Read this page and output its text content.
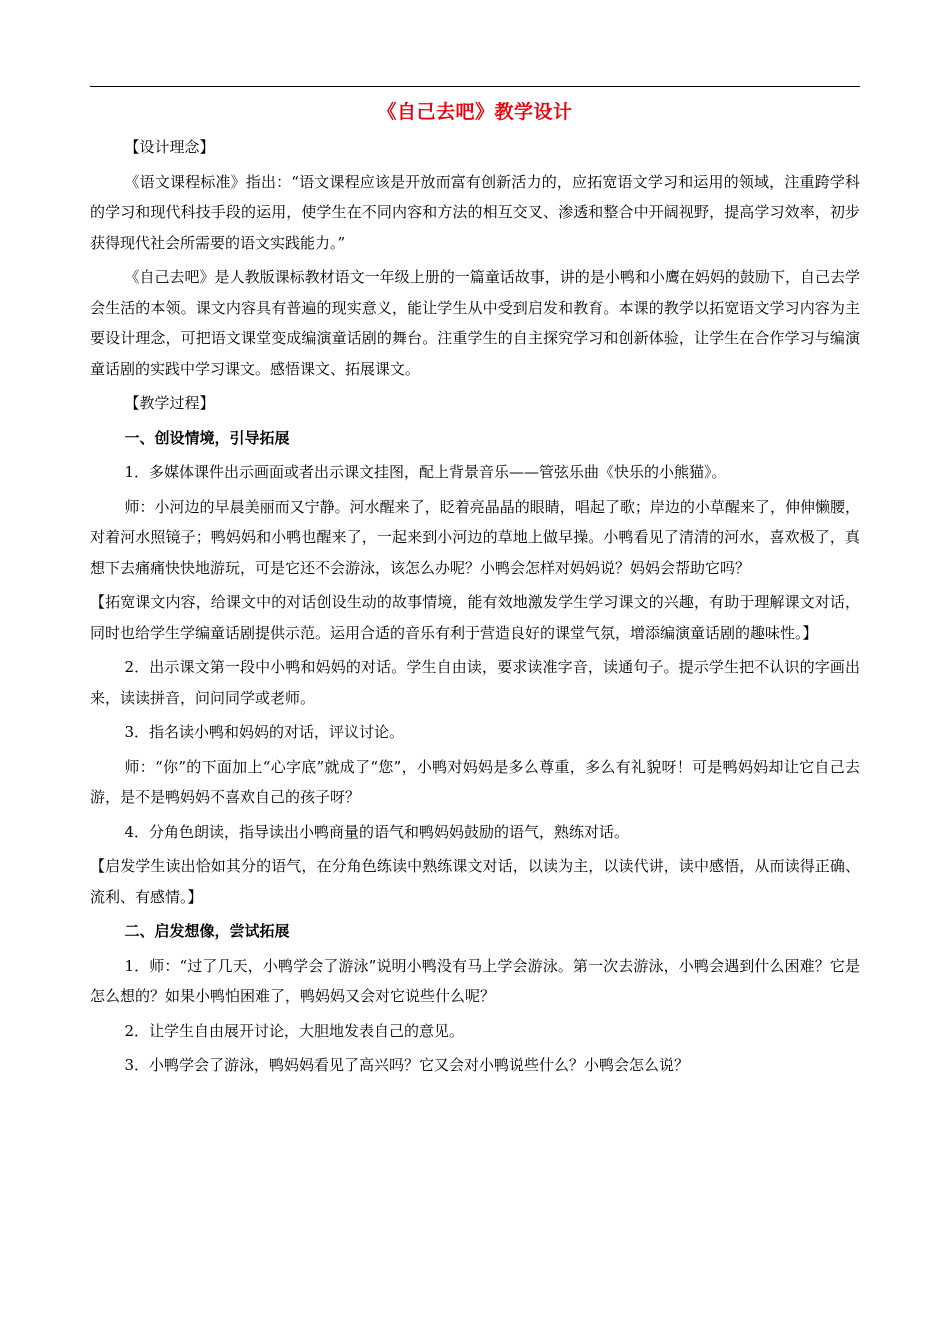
《自己去吧》教学设计

【设计理念】

《语文课程标准》指出：“语文课程应该是开放而富有创新活力的，应拓宽语文学习和运用的领域，注重跨学科的学习和现代科技手段的运用，使学生在不同内容和方法的相互交叉、渗透和整合中开阔视野，提高学习效率，初步获得现代社会所需要的语文实践能力。”

《自己去吧》是人教版课标教材语文一年级上册的一篇童话故事，讲的是小鸭和小鹰在妈妈的鼓励下，自己去学会生活的本领。课文内容具有普遍的现实意义，能让学生从中受到启发和教育。本课的教学以拓宽语文学习内容为主要设计理念，可把语文课堂变成编演童话剧的舞台。注重学生的自主探究学习和创新体验，让学生在合作学习与编演童话剧的实践中学习课文。感悟课文、拓展课文。

【教学过程】

一、创设情境，引导拓展

1．多媒体课件出示画面或者出示课文挂图，配上背景音乐——管弦乐曲《快乐的小熊猫》。

师：小河边的早晨美丽而又宁静。河水醒来了，眨着亮晶晶的眼睛，唱起了歌；岸边的小草醒来了，伸伸懒腰，对着河水照镜子；鸭妈妈和小鸭也醒来了，一起来到小河边的草地上做早操。小鸭看见了清清的河水，喜欢极了，真想下去痛痛快快地游玩，可是它还不会游泳，该怎么办呢？小鸭会怎样对妈妈说？妈妈会帮助它吗？

【拓宽课文内容，给课文中的对话创设生动的故事情境，能有效地激发学生学习课文的兴趣，有助于理解课文对话，同时也给学生学编童话剧提供示范。运用合适的音乐有利于营造良好的课堂气氛，增添编演童话剧的趣味性。】

2．出示课文第一段中小鸭和妈妈的对话。学生自由读，要求读准字音，读通句子。提示学生把不认识的字画出来，读读拼音，问问同学或老师。

3．指名读小鸭和妈妈的对话，评议讨论。

师：“你”的下面加上“心字底”就成了“您”，小鸭对妈妈是多么尊重，多么有礼貌呀！可是鸭妈妈却让它自己去游，是不是鸭妈妈不喜欢自己的孩子呀？

4．分角色朗读，指导读出小鸭商量的语气和鸭妈妈鼓励的语气，熟练对话。

【启发学生读出恰如其分的语气，在分角色练读中熟练课文对话，以读为主，以读代讲，读中感悟，从而读得正确、流利、有感情。】

二、启发想像，尝试拓展

1．师：“过了几天，小鸭学会了游泳”说明小鸭没有马上学会游泳。第一次去游泳，小鸭会遇到什么困难？它是怎么想的？如果小鸭怕困难了，鸭妈妈又会对它说些什么呢？

2．让学生自由展开讨论，大胆地发表自己的意见。

3．小鸭学会了游泳，鸭妈妈看见了高兴吗？它又会对小鸭说些什么？小鸭会怎么说？
